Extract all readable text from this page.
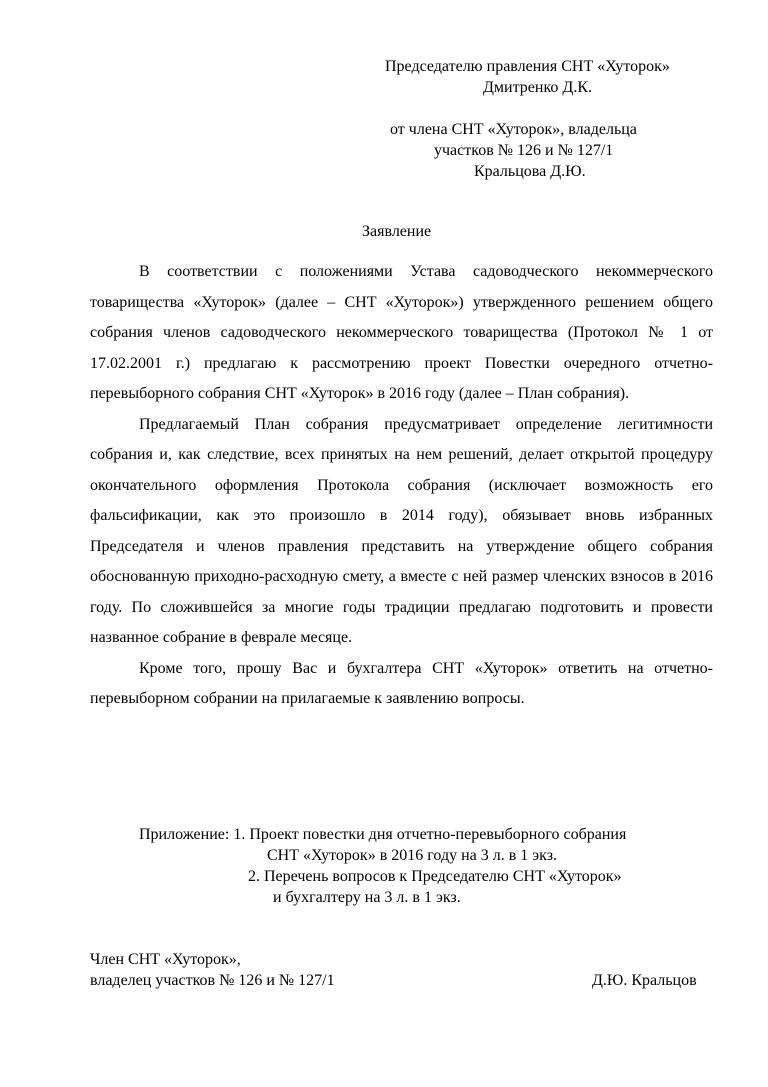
Председателю правления СНТ «Хуторок»
Дмитренко Д.К.
от члена СНТ «Хуторок», владельца
участков № 126 и № 127/1
Кральцова Д.Ю.
Заявление

В соответствии с положениями Устава садоводческого некоммерческого товарищества «Хуторок» (далее – СНТ «Хуторок») утвержденного решением общего собрания членов садоводческого некоммерческого товарищества (Протокол № 1 от 17.02.2001 г.) предлагаю к рассмотрению проект Повестки очередного отчетно-перевыборного собрания СНТ «Хуторок» в 2016 году (далее – План собрания).

Предлагаемый План собрания предусматривает определение легитимности собрания и, как следствие, всех принятых на нем решений, делает открытой процедуру окончательного оформления Протокола собрания (исключает возможность его фальсификации, как это произошло в 2014 году), обязывает вновь избранных Председателя и членов правления представить на утверждение общего собрания обоснованную приходно-расходную смету, а вместе с ней размер членских взносов в 2016 году. По сложившейся за многие годы традиции предлагаю подготовить и провести названное собрание в феврале месяце.

Кроме того, прошу Вас и бухгалтера СНТ «Хуторок» ответить на отчетно-перевыборном собрании на прилагаемые к заявлению вопросы.

Приложение: 1. Проект повестки дня отчетно-перевыборного собрания
СНТ «Хуторок» в 2016 году на 3 л. в 1 экз.
2. Перечень вопросов к Председателю СНТ «Хуторок»
и бухгалтеру на 3 л. в 1 экз.
Член СНТ «Хуторок»,
владелец участков № 126 и № 127/1	Д.Ю. Кральцов
